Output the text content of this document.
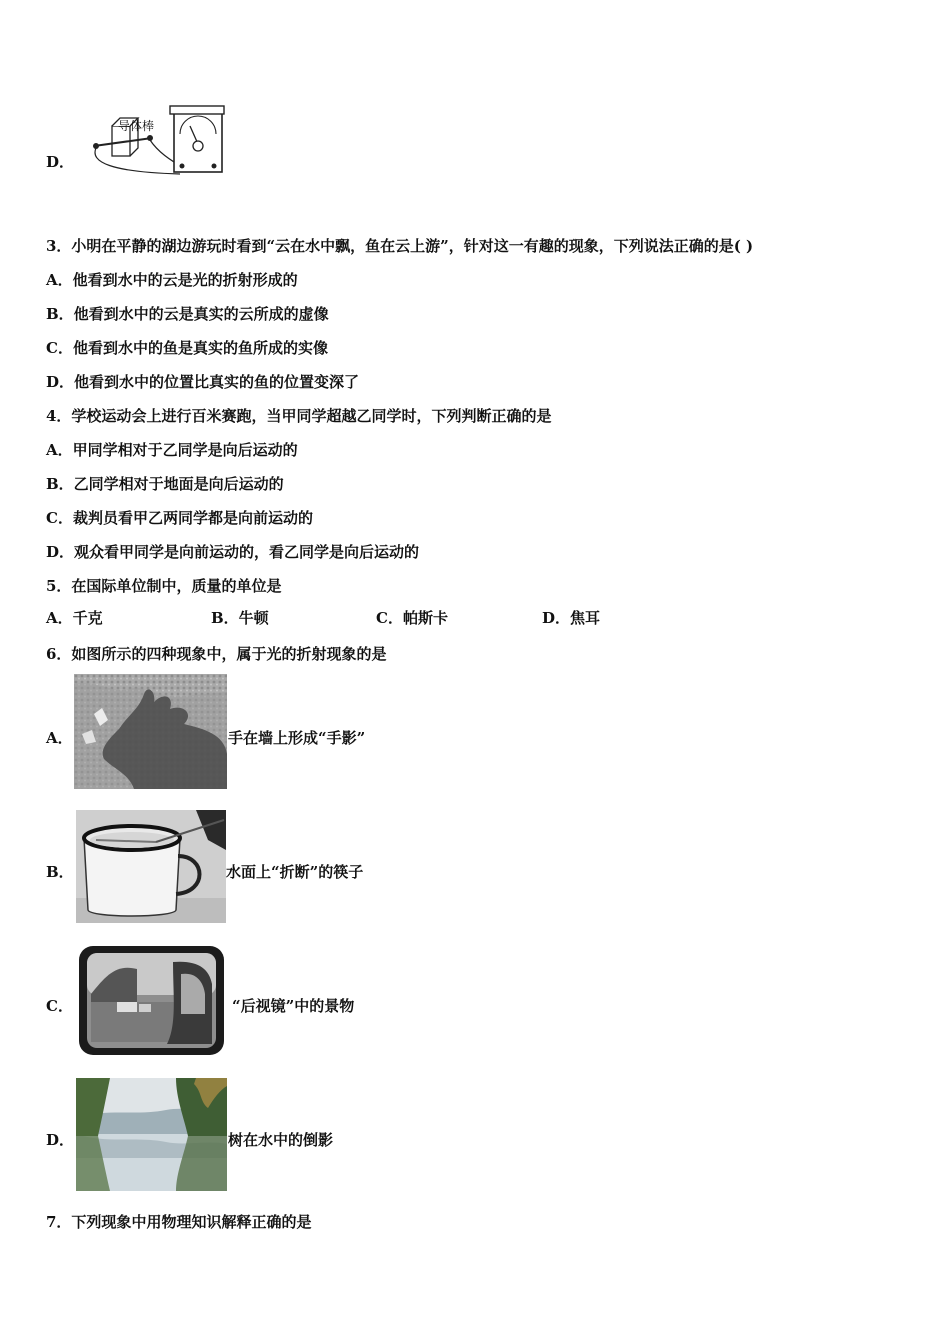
D．
导体棒
3．小明在平静的湖边游玩时看到“云在水中飘，鱼在云上游”，针对这一有趣的现象，下列说法正确的是( )
A．他看到水中的云是光的折射形成的
B．他看到水中的云是真实的云所成的虚像
C．他看到水中的鱼是真实的鱼所成的实像
D．他看到水中的位置比真实的鱼的位置变深了
4．学校运动会上进行百米赛跑，当甲同学超越乙同学时，下列判断正确的是
A．甲同学相对于乙同学是向后运动的
B．乙同学相对于地面是向后运动的
C．裁判员看甲乙两同学都是向前运动的
D．观众看甲同学是向前运动的，看乙同学是向后运动的
5．在国际单位制中，质量的单位是
A．千克	B．牛顿	C．帕斯卡	D．焦耳
6．如图所示的四种现象中，属于光的折射现象的是
A．	手在墙上形成“手影”
B．	水面上“折断”的筷子
C．	“后视镜”中的景物
D．	树在水中的倒影
7．下列现象中用物理知识解释正确的是
